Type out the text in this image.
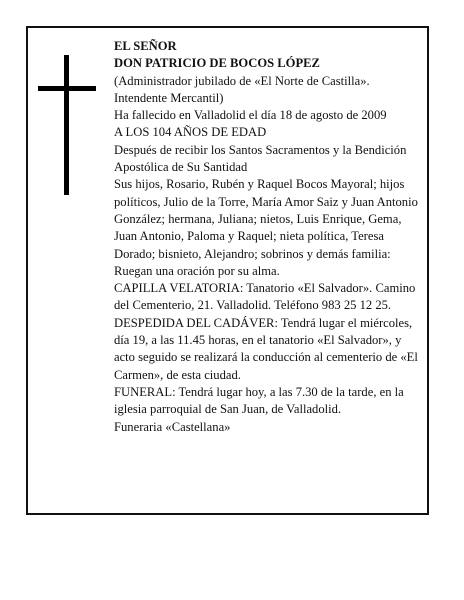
EL SEÑOR

DON PATRICIO DE BOCOS LÓPEZ

(Administrador jubilado de «El Norte de Castilla». Intendente Mercantil)

Ha fallecido en Valladolid el día 18 de agosto de 2009

A LOS 104 AÑOS DE EDAD

Después de recibir los Santos Sacramentos y la Bendición Apostólica de Su Santidad

Sus hijos, Rosario, Rubén y Raquel Bocos Mayoral; hijos políticos, Julio de la Torre, María Amor Saiz y Juan Antonio González; hermana, Juliana; nietos, Luis Enrique, Gema, Juan Antonio, Paloma y Raquel; nieta política, Teresa Dorado; bisnieto, Alejandro; sobrinos y demás familia:

Ruegan una oración por su alma.

CAPILLA VELATORIA: Tanatorio «El Salvador». Camino del Cementerio, 21. Valladolid. Teléfono 983 25 12 25.

DESPEDIDA DEL CADÁVER: Tendrá lugar el miércoles, día 19, a las 11.45 horas, en el tanatorio «El Salvador», y acto seguido se realizará la conducción al cementerio de «El Carmen», de esta ciudad.

FUNERAL: Tendrá lugar hoy, a las 7.30 de la tarde, en la iglesia parroquial de San Juan, de Valladolid.

Funeraria «Castellana»
